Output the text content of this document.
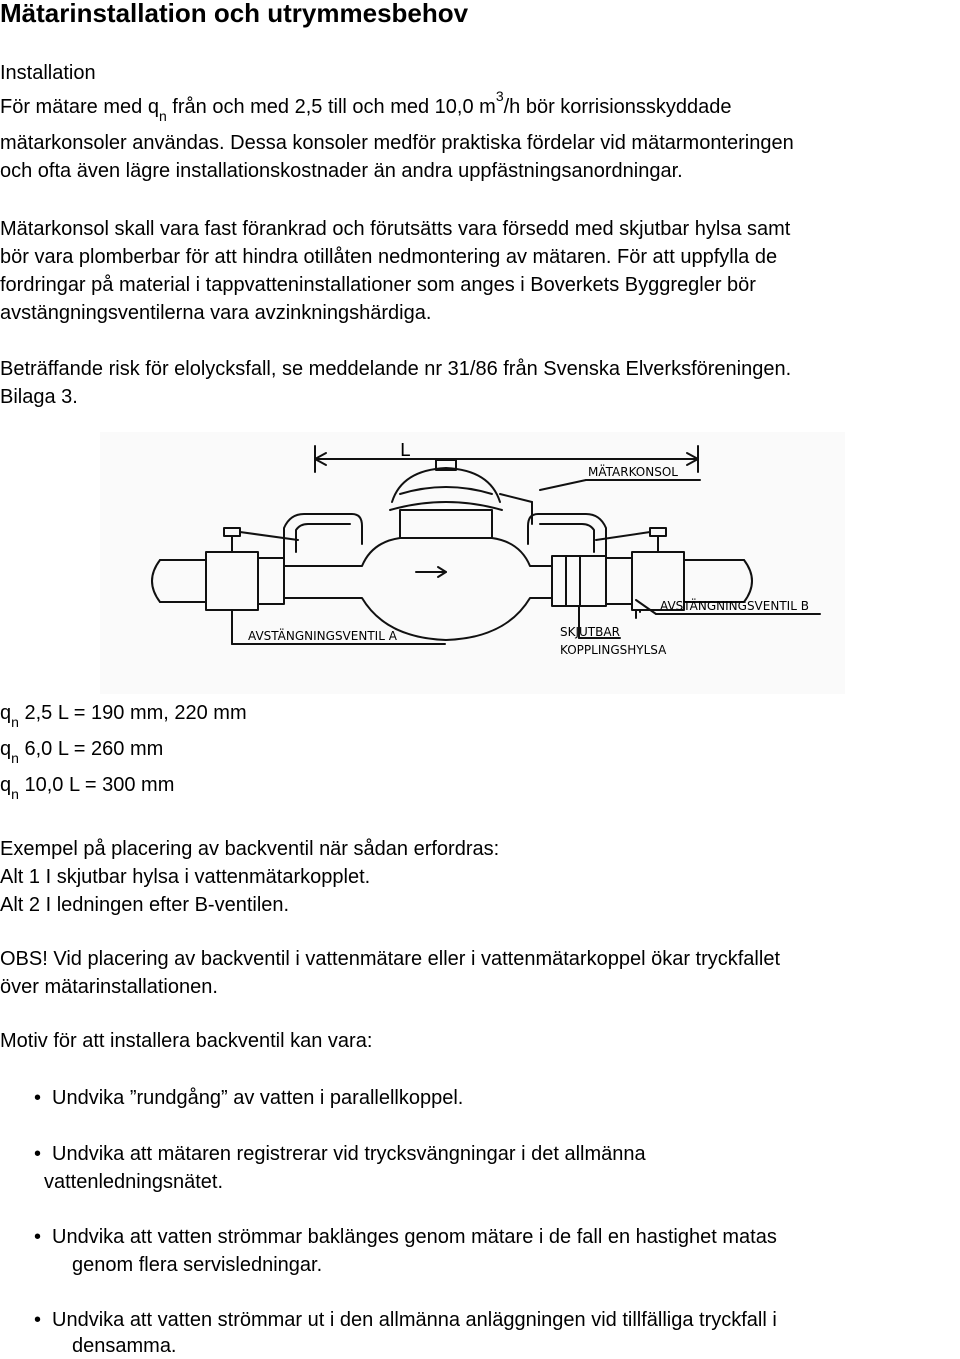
Mätarinstallation och utrymmesbehov
Installation
För mätare med $q_n$ från och med 2,5 till och med 10,0 $m^3/h$ bör korrisionsskyddade
mätarkonsoler användas. Dessa konsoler medför praktiska fördelar vid mätarmonteringen
och ofta även lägre installationskostnader än andra uppfästningsanordningar.
Mätarkonsol skall vara fast förankrad och förutsätts vara försedd med skjutbar hylsa samt
bör vara plomberbar för att hindra otillåten nedmontering av mätaren. För att uppfylla de
fordringar på material i tappvatteninstallationer som anges i Boverkets Byggregler bör
avstängningsventilerna vara avzinkningshärdiga.
Beträffande risk för elolycksfall, se meddelande nr 31/86 från Svenska Elverksföreningen.
Bilaga 3.
L
MÄTARKONSOL
AVSTÄNGNINGSVENTIL B
AVSTÄNGNINGSVENTIL A	SKJUTBAR
KOPPLINGSHYLSA
$q_n$ 2,5 L = 190 mm, 220 mm
$q_n$ 6,0 L = 260 mm
$q_n$ 10,0 L = 300 mm
Exempel på placering av backventil när sådan erfordras:
Alt 1 I skjutbar hylsa i vattenmätarkopplet.
Alt 2 I ledningen efter B-ventilen.
OBS! Vid placering av backventil i vattenmätare eller i vattenmätarkoppel ökar tryckfallet
över mätarinstallationen.
Motiv för att installera backventil kan vara:
• Undvika ”rundgång” av vatten i parallellkoppel.
• Undvika att mätaren registrerar vid trycksvängningar i det allmänna
vattenledningsnätet.
• Undvika att vatten strömmar baklänges genom mätare i de fall en hastighet matas
genom flera servisledningar.
• Undvika att vatten strömmar ut i den allmänna anläggningen vid tillfälliga tryckfall i
densamma.
